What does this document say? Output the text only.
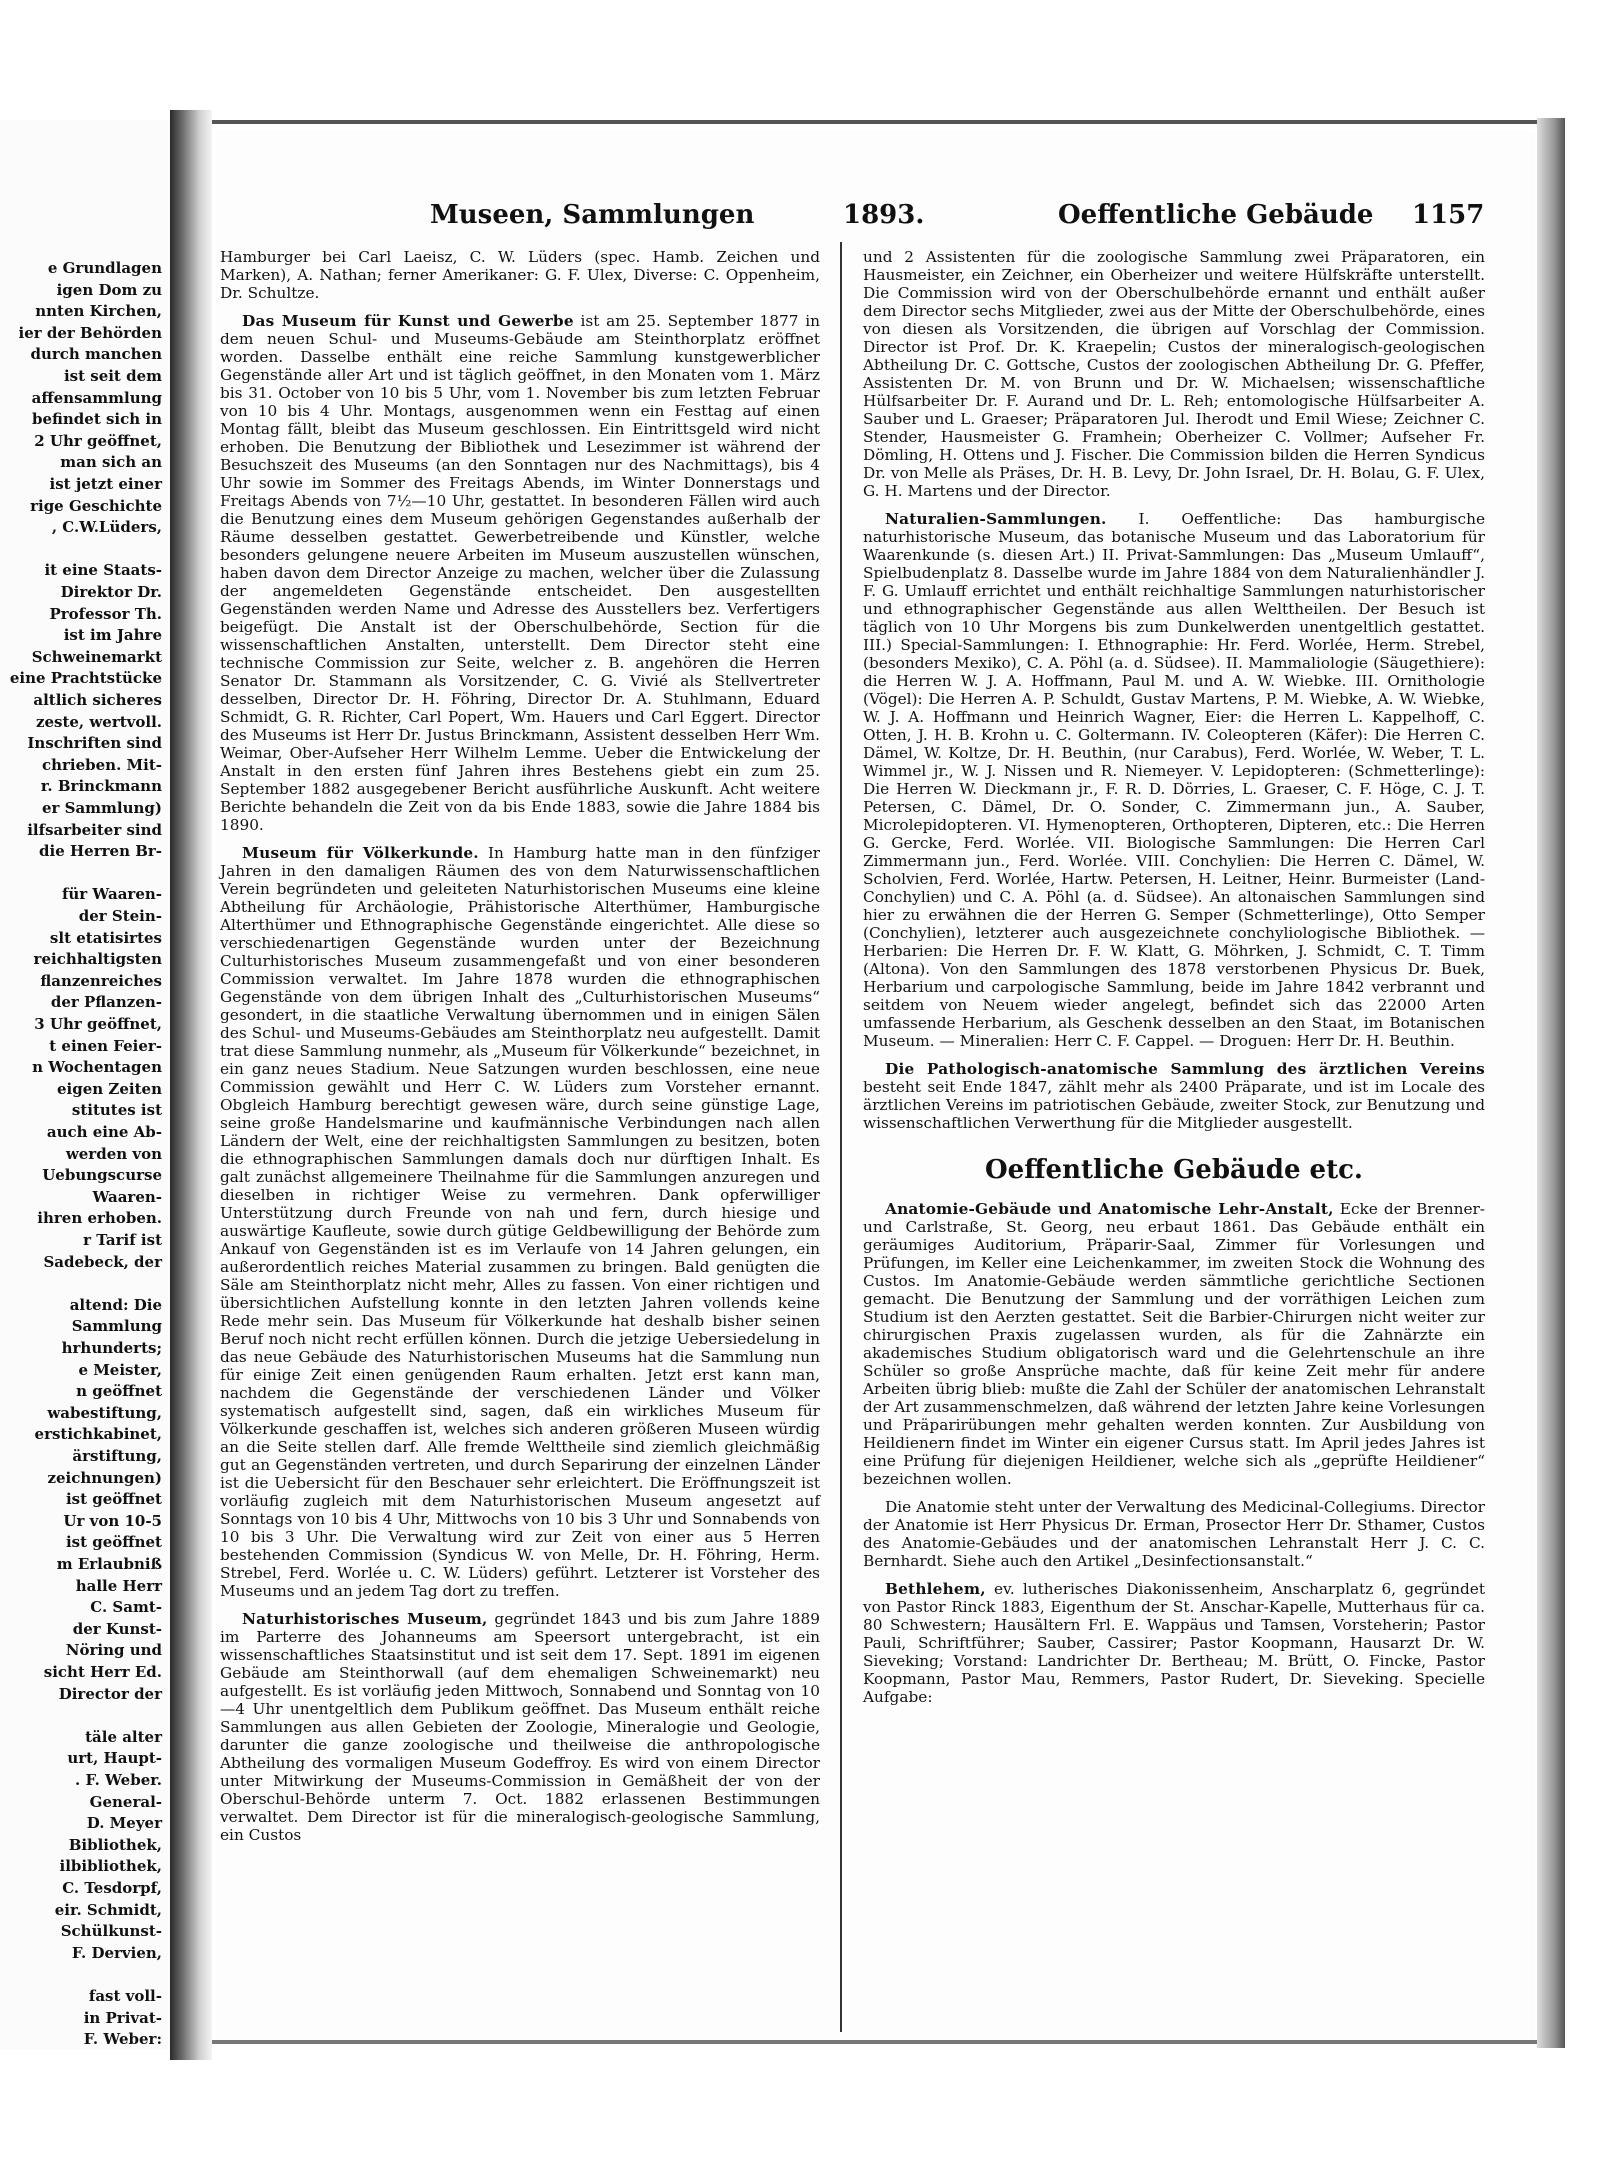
e Grundlagen
igen Dom zu
nnten Kirchen,
ier der Behörden
durch manchen
ist seit dem
affensammlung
befindet sich in
2 Uhr geöffnet,
man sich an
ist jetzt einer
rige Geschichte
, C.W.Lüders,
it eine Staats-
Direktor Dr.
Professor Th.
ist im Jahre
Schweinemarkt
eine Prachtstücke
altlich sicheres
zeste, wertvoll.
Inschriften sind
chrieben. Mit-
r. Brinckmann
er Sammlung)
ilfsarbeiter sind
die Herren Br-
für Waaren-
der Stein-
slt etatisirtes
reichhaltigsten
flanzenreiches
der Pflanzen-
3 Uhr geöffnet,
t einen Feier-
n Wochentagen
eigen Zeiten
stitutes ist
auch eine Ab-
werden von
Uebungscurse
Waaren-
ihren erhoben.
r Tarif ist
Sadebeck, der
altend: Die
Sammlung
hrhunderts;
e Meister,
n geöffnet
wabestiftung,
erstichkabinet,
ärstiftung,
zeichnungen)
ist geöffnet
Ur von 10-5
ist geöffnet
m Erlaubniß
halle Herr
C. Samt-
der Kunst-
Nöring und
sicht Herr Ed.
Director der
täle alter
urt, Haupt-
. F. Weber.
General-
D. Meyer
Bibliothek,
ilbibliothek,
C. Tesdorpf,
eir. Schmidt,
Schülkunst-
F. Dervien,
fast voll-
in Privat-
F. Weber:
Museen, Sammlungen	1893.	Oeffentliche Gebäude 1157

Hamburger bei Carl Laeisz, C. W. Lüders (spec. Hamb. Zeichen und Marken), A. Nathan; ferner Amerikaner: G. F. Ulex, Diverse: C. Oppenheim, Dr. Schultze.

Das Museum für Kunst und Gewerbe ist am 25. September 1877 in dem neuen Schul- und Museums-Gebäude am Steinthorplatz eröffnet worden. Dasselbe enthält eine reiche Sammlung kunstgewerblicher Gegenstände aller Art und ist täglich geöffnet, in den Monaten vom 1. März bis 31. October von 10 bis 5 Uhr, vom 1. November bis zum letzten Februar von 10 bis 4 Uhr. Montags, ausgenommen wenn ein Festtag auf einen Montag fällt, bleibt das Museum geschlossen. Ein Eintrittsgeld wird nicht erhoben. Die Benutzung der Bibliothek und Lesezimmer ist während der Besuchszeit des Museums (an den Sonntagen nur des Nachmittags), bis 4 Uhr sowie im Sommer des Freitags Abends, im Winter Donnerstags und Freitags Abends von 7½—10 Uhr, gestattet. In besonderen Fällen wird auch die Benutzung eines dem Museum gehörigen Gegenstandes außerhalb der Räume desselben gestattet. Gewerbetreibende und Künstler, welche besonders gelungene neuere Arbeiten im Museum auszustellen wünschen, haben davon dem Director Anzeige zu machen, welcher über die Zulassung der angemeldeten Gegenstände entscheidet. Den ausgestellten Gegenständen werden Name und Adresse des Ausstellers bez. Verfertigers beigefügt. Die Anstalt ist der Oberschulbehörde, Section für die wissenschaftlichen Anstalten, unterstellt. Dem Director steht eine technische Commission zur Seite, welcher z. B. angehören die Herren Senator Dr. Stammann als Vorsitzender, C. G. Vivié als Stellvertreter desselben, Director Dr. H. Föhring, Director Dr. A. Stuhlmann, Eduard Schmidt, G. R. Richter, Carl Popert, Wm. Hauers und Carl Eggert. Director des Museums ist Herr Dr. Justus Brinckmann, Assistent desselben Herr Wm. Weimar, Ober-Aufseher Herr Wilhelm Lemme. Ueber die Entwickelung der Anstalt in den ersten fünf Jahren ihres Bestehens giebt ein zum 25. September 1882 ausgegebener Bericht ausführliche Auskunft. Acht weitere Berichte behandeln die Zeit von da bis Ende 1883, sowie die Jahre 1884 bis 1890.

Museum für Völkerkunde. In Hamburg hatte man in den fünfziger Jahren in den damaligen Räumen des von dem Naturwissenschaftlichen Verein begründeten und geleiteten Naturhistorischen Museums eine kleine Abtheilung für Archäologie, Prähistorische Alterthümer, Hamburgische Alterthümer und Ethnographische Gegenstände eingerichtet. Alle diese so verschiedenartigen Gegenstände wurden unter der Bezeichnung Culturhistorisches Museum zusammengefaßt und von einer besonderen Commission verwaltet. Im Jahre 1878 wurden die ethnographischen Gegenstände von dem übrigen Inhalt des „Culturhistorischen Museums“ gesondert, in die staatliche Verwaltung übernommen und in einigen Sälen des Schul- und Museums-Gebäudes am Steinthorplatz neu aufgestellt. Damit trat diese Sammlung nunmehr, als „Museum für Völkerkunde“ bezeichnet, in ein ganz neues Stadium. Neue Satzungen wurden beschlossen, eine neue Commission gewählt und Herr C. W. Lüders zum Vorsteher ernannt. Obgleich Hamburg berechtigt gewesen wäre, durch seine günstige Lage, seine große Handelsmarine und kaufmännische Verbindungen nach allen Ländern der Welt, eine der reichhaltigsten Sammlungen zu besitzen, boten die ethnographischen Sammlungen damals doch nur dürftigen Inhalt. Es galt zunächst allgemeinere Theilnahme für die Sammlungen anzuregen und dieselben in richtiger Weise zu vermehren. Dank opferwilliger Unterstützung durch Freunde von nah und fern, durch hiesige und auswärtige Kaufleute, sowie durch gütige Geldbewilligung der Behörde zum Ankauf von Gegenständen ist es im Verlaufe von 14 Jahren gelungen, ein außerordentlich reiches Material zusammen zu bringen. Bald genügten die Säle am Steinthorplatz nicht mehr, Alles zu fassen. Von einer richtigen und übersichtlichen Aufstellung konnte in den letzten Jahren vollends keine Rede mehr sein. Das Museum für Völkerkunde hat deshalb bisher seinen Beruf noch nicht recht erfüllen können. Durch die jetzige Uebersiedelung in das neue Gebäude des Naturhistorischen Museums hat die Sammlung nun für einige Zeit einen genügenden Raum erhalten. Jetzt erst kann man, nachdem die Gegenstände der verschiedenen Länder und Völker systematisch aufgestellt sind, sagen, daß ein wirkliches Museum für Völkerkunde geschaffen ist, welches sich anderen größeren Museen würdig an die Seite stellen darf. Alle fremde Welttheile sind ziemlich gleichmäßig gut an Gegenständen vertreten, und durch Separirung der einzelnen Länder ist die Uebersicht für den Beschauer sehr erleichtert. Die Eröffnungszeit ist vorläufig zugleich mit dem Naturhistorischen Museum angesetzt auf Sonntags von 10 bis 4 Uhr, Mittwochs von 10 bis 3 Uhr und Sonnabends von 10 bis 3 Uhr. Die Verwaltung wird zur Zeit von einer aus 5 Herren bestehenden Commission (Syndicus W. von Melle, Dr. H. Föhring, Herm. Strebel, Ferd. Worlée u. C. W. Lüders) geführt. Letzterer ist Vorsteher des Museums und an jedem Tag dort zu treffen.

Naturhistorisches Museum, gegründet 1843 und bis zum Jahre 1889 im Parterre des Johanneums am Speersort untergebracht, ist ein wissenschaftliches Staatsinstitut und ist seit dem 17. Sept. 1891 im eigenen Gebäude am Steinthorwall (auf dem ehemaligen Schweinemarkt) neu aufgestellt. Es ist vorläufig jeden Mittwoch, Sonnabend und Sonntag von 10—4 Uhr unentgeltlich dem Publikum geöffnet. Das Museum enthält reiche Sammlungen aus allen Gebieten der Zoologie, Mineralogie und Geologie, darunter die ganze zoologische und theilweise die anthropologische Abtheilung des vormaligen Museum Godeffroy. Es wird von einem Director unter Mitwirkung der Museums-Commission in Gemäßheit der von der Oberschul-Behörde unterm 7. Oct. 1882 erlassenen Bestimmungen verwaltet. Dem Director ist für die mineralogisch-geologische Sammlung, ein Custos

und 2 Assistenten für die zoologische Sammlung zwei Präparatoren, ein Hausmeister, ein Zeichner, ein Oberheizer und weitere Hülfskräfte unterstellt. Die Commission wird von der Oberschulbehörde ernannt und enthält außer dem Director sechs Mitglieder, zwei aus der Mitte der Oberschulbehörde, eines von diesen als Vorsitzenden, die übrigen auf Vorschlag der Commission. Director ist Prof. Dr. K. Kraepelin; Custos der mineralogisch-geologischen Abtheilung Dr. C. Gottsche, Custos der zoologischen Abtheilung Dr. G. Pfeffer, Assistenten Dr. M. von Brunn und Dr. W. Michaelsen; wissenschaftliche Hülfsarbeiter Dr. F. Aurand und Dr. L. Reh; entomologische Hülfsarbeiter A. Sauber und L. Graeser; Präparatoren Jul. Iherodt und Emil Wiese; Zeichner C. Stender, Hausmeister G. Framhein; Oberheizer C. Vollmer; Aufseher Fr. Dömling, H. Ottens und J. Fischer. Die Commission bilden die Herren Syndicus Dr. von Melle als Präses, Dr. H. B. Levy, Dr. John Israel, Dr. H. Bolau, G. F. Ulex, G. H. Martens und der Director.

Naturalien-Sammlungen. I. Oeffentliche: Das hamburgische naturhistorische Museum, das botanische Museum und das Laboratorium für Waarenkunde (s. diesen Art.) II. Privat-Sammlungen: Das „Museum Umlauff“, Spielbudenplatz 8. Dasselbe wurde im Jahre 1884 von dem Naturalienhändler J. F. G. Umlauff errichtet und enthält reichhaltige Sammlungen naturhistorischer und ethnographischer Gegenstände aus allen Welttheilen. Der Besuch ist täglich von 10 Uhr Morgens bis zum Dunkelwerden unentgeltlich gestattet. III.) Special-Sammlungen: I. Ethnographie: Hr. Ferd. Worlée, Herm. Strebel, (besonders Mexiko), C. A. Pöhl (a. d. Südsee). II. Mammaliologie (Säugethiere): die Herren W. J. A. Hoffmann, Paul M. und A. W. Wiebke. III. Ornithologie (Vögel): Die Herren A. P. Schuldt, Gustav Martens, P. M. Wiebke, A. W. Wiebke, W. J. A. Hoffmann und Heinrich Wagner, Eier: die Herren L. Kappelhoff, C. Otten, J. H. B. Krohn u. C. Goltermann. IV. Coleopteren (Käfer): Die Herren C. Dämel, W. Koltze, Dr. H. Beuthin, (nur Carabus), Ferd. Worlée, W. Weber, T. L. Wimmel jr., W. J. Nissen und R. Niemeyer. V. Lepidopteren: (Schmetterlinge): Die Herren W. Dieckmann jr., F. R. D. Dörries, L. Graeser, C. F. Höge, C. J. T. Petersen, C. Dämel, Dr. O. Sonder, C. Zimmermann jun., A. Sauber, Microlepidopteren. VI. Hymenopteren, Orthopteren, Dipteren, etc.: Die Herren G. Gercke, Ferd. Worlée. VII. Biologische Sammlungen: Die Herren Carl Zimmermann jun., Ferd. Worlée. VIII. Conchylien: Die Herren C. Dämel, W. Scholvien, Ferd. Worlée, Hartw. Petersen, H. Leitner, Heinr. Burmeister (Land-Conchylien) und C. A. Pöhl (a. d. Südsee). An altonaischen Sammlungen sind hier zu erwähnen die der Herren G. Semper (Schmetterlinge), Otto Semper (Conchylien), letzterer auch ausgezeichnete conchyliologische Bibliothek. — Herbarien: Die Herren Dr. F. W. Klatt, G. Möhrken, J. Schmidt, C. T. Timm (Altona). Von den Sammlungen des 1878 verstorbenen Physicus Dr. Buek, Herbarium und carpologische Sammlung, beide im Jahre 1842 verbrannt und seitdem von Neuem wieder angelegt, befindet sich das 22000 Arten umfassende Herbarium, als Geschenk desselben an den Staat, im Botanischen Museum. — Mineralien: Herr C. F. Cappel. — Droguen: Herr Dr. H. Beuthin.

Die Pathologisch-anatomische Sammlung des ärztlichen Vereins besteht seit Ende 1847, zählt mehr als 2400 Präparate, und ist im Locale des ärztlichen Vereins im patriotischen Gebäude, zweiter Stock, zur Benutzung und wissenschaftlichen Verwerthung für die Mitglieder ausgestellt.

Oeffentliche Gebäude etc.

Anatomie-Gebäude und Anatomische Lehr-Anstalt, Ecke der Brenner- und Carlstraße, St. Georg, neu erbaut 1861. Das Gebäude enthält ein geräumiges Auditorium, Präparir-Saal, Zimmer für Vorlesungen und Prüfungen, im Keller eine Leichenkammer, im zweiten Stock die Wohnung des Custos. Im Anatomie-Gebäude werden sämmtliche gerichtliche Sectionen gemacht. Die Benutzung der Sammlung und der vorräthigen Leichen zum Studium ist den Aerzten gestattet. Seit die Barbier-Chirurgen nicht weiter zur chirurgischen Praxis zugelassen wurden, als für die Zahnärzte ein akademisches Studium obligatorisch ward und die Gelehrtenschule an ihre Schüler so große Ansprüche machte, daß für keine Zeit mehr für andere Arbeiten übrig blieb: mußte die Zahl der Schüler der anatomischen Lehranstalt der Art zusammenschmelzen, daß während der letzten Jahre keine Vorlesungen und Präparirübungen mehr gehalten werden konnten. Zur Ausbildung von Heildienern findet im Winter ein eigener Cursus statt. Im April jedes Jahres ist eine Prüfung für diejenigen Heildiener, welche sich als „geprüfte Heildiener“ bezeichnen wollen.

Die Anatomie steht unter der Verwaltung des Medicinal-Collegiums. Director der Anatomie ist Herr Physicus Dr. Erman, Prosector Herr Dr. Sthamer, Custos des Anatomie-Gebäudes und der anatomischen Lehranstalt Herr J. C. C. Bernhardt. Siehe auch den Artikel „Desinfectionsanstalt.“

Bethlehem, ev. lutherisches Diakonissenheim, Anscharplatz 6, gegründet von Pastor Rinck 1883, Eigenthum der St. Anschar-Kapelle, Mutterhaus für ca. 80 Schwestern; Hausältern Frl. E. Wappäus und Tamsen, Vorsteherin; Pastor Pauli, Schriftführer; Sauber, Cassirer; Pastor Koopmann, Hausarzt Dr. W. Sieveking; Vorstand: Landrichter Dr. Bertheau; M. Brütt, O. Fincke, Pastor Koopmann, Pastor Mau, Remmers, Pastor Rudert, Dr. Sieveking. Specielle Aufgabe:
